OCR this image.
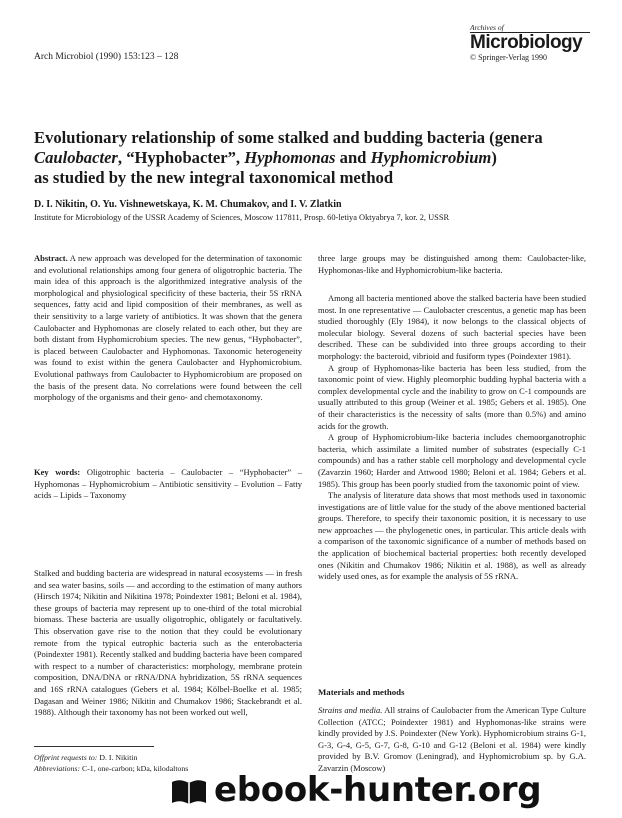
Arch Microbiol (1990) 153:123 – 128
Archives of
Microbiology
© Springer-Verlag 1990
Evolutionary relationship of some stalked and budding bacteria (genera
Caulobacter, “Hyphobacter”, Hyphomonas and Hyphomicrobium)
as studied by the new integral taxonomical method
D. I. Nikitin, O. Yu. Vishnewetskaya, K. M. Chumakov, and I. V. Zlatkin
Institute for Microbiology of the USSR Academy of Sciences, Moscow 117811, Prosp. 60-letiya Oktyabrya 7, kor. 2, USSR

Abstract. A new approach was developed for the determination of taxonomic and evolutional relationships among four genera of oligotrophic bacteria. The main idea of this approach is the algorithmized integrative analysis of the morphological and physiological specificity of these bacteria, their 5S rRNA sequences, fatty acid and lipid composition of their membranes, as well as their sensitivity to a large variety of antibiotics. It was shown that the genera Caulobacter and Hyphomonas are closely related to each other, but they are both distant from Hyphomicrobium species. The new genus, “Hyphobacter”, is placed between Caulobacter and Hyphomonas. Taxonomic heterogeneity was found to exist within the genera Caulobacter and Hyphomicrobium. Evolutional pathways from Caulobacter to Hyphomicrobium are proposed on the basis of the present data. No correlations were found between the cell morphology of the organisms and their geno- and chemotaxonomy.

Key words: Oligotrophic bacteria – Caulobacter – “Hyphobacter” – Hyphomonas – Hyphomicrobium – Antibiotic sensitivity – Evolution – Fatty acids – Lipids – Taxonomy

Stalked and budding bacteria are widespread in natural ecosystems — in fresh and sea water basins, soils — and according to the estimation of many authors (Hirsch 1974; Nikitin and Nikitina 1978; Poindexter 1981; Beloni et al. 1984), these groups of bacteria may represent up to one-third of the total microbial biomass. These bacteria are usually oligotrophic, obligately or facultatively. This observation gave rise to the notion that they could be evolutionary remote from the typical eutrophic bacteria such as the enterobacteria (Poindexter 1981). Recently stalked and budding bacteria have been compared with respect to a number of characteristics: morphology, membrane protein composition, DNA/DNA or rRNA/DNA hybridization, 5S rRNA sequences and 16S rRNA catalogues (Gebers et al. 1984; Kölbel-Boelke et al. 1985; Dagasan and Weiner 1986; Nikitin and Chumakov 1986; Stackebrandt et al. 1988). Although their taxonomy has not been worked out well,

Offprint requests to: D. I. Nikitin
Abbreviations: C-1, one-carbon; kDa, kilodaltons

three large groups may be distinguished among them: Caulobacter-like, Hyphomonas-like and Hyphomicrobium-like bacteria.

Among all bacteria mentioned above the stalked bacteria have been studied most. In one representative — Caulobacter crescentus, a genetic map has been studied thoroughly (Ely 1984), it now belongs to the classical objects of molecular biology. Several dozens of such bacterial species have been described. These can be subdivided into three groups according to their morphology: the bacteroid, vibrioid and fusiform types (Poindexter 1981).

A group of Hyphomonas-like bacteria has been less studied, from the taxonomic point of view. Highly pleomorphic budding hyphal bacteria with a complex developmental cycle and the inability to grow on C-1 compounds are usually attributed to this group (Weiner et al. 1985; Gebers et al. 1985). One of their characteristics is the necessity of salts (more than 0.5%) and amino acids for the growth.

A group of Hyphomicrobium-like bacteria includes chemoorganotrophic bacteria, which assimilate a limited number of substrates (especially C-1 compounds) and has a rather stable cell morphology and developmental cycle (Zavarzin 1960; Harder and Attwood 1980; Beloni et al. 1984; Gebers et al. 1985). This group has been poorly studied from the taxonomic point of view.

The analysis of literature data shows that most methods used in taxonomic investigations are of little value for the study of the above mentioned bacterial groups. Therefore, to specify their taxonomic position, it is necessary to use new approaches — the phylogenetic ones, in particular. This article deals with a comparison of the taxonomic significance of a number of methods based on the application of biochemical bacterial properties: both recently developed ones (Nikitin and Chumakov 1986; Nikitin et al. 1988), as well as already widely used ones, as for example the analysis of 5S rRNA.

Materials and methods

Strains and media. All strains of Caulobacter from the American Type Culture Collection (ATCC; Poindexter 1981) and Hyphomonas-like strains were kindly provided by J.S. Poindexter (New York). Hyphomicrobium strains G-1, G-3, G-4, G-5, G-7, G-8, G-10 and G-12 (Beloni et al. 1984) were kindly provided by B.V. Gromov (Leningrad), and Hyphomicrobium sp. by G.A. Zavarzin (Moscow)

ebook-hunter.org
